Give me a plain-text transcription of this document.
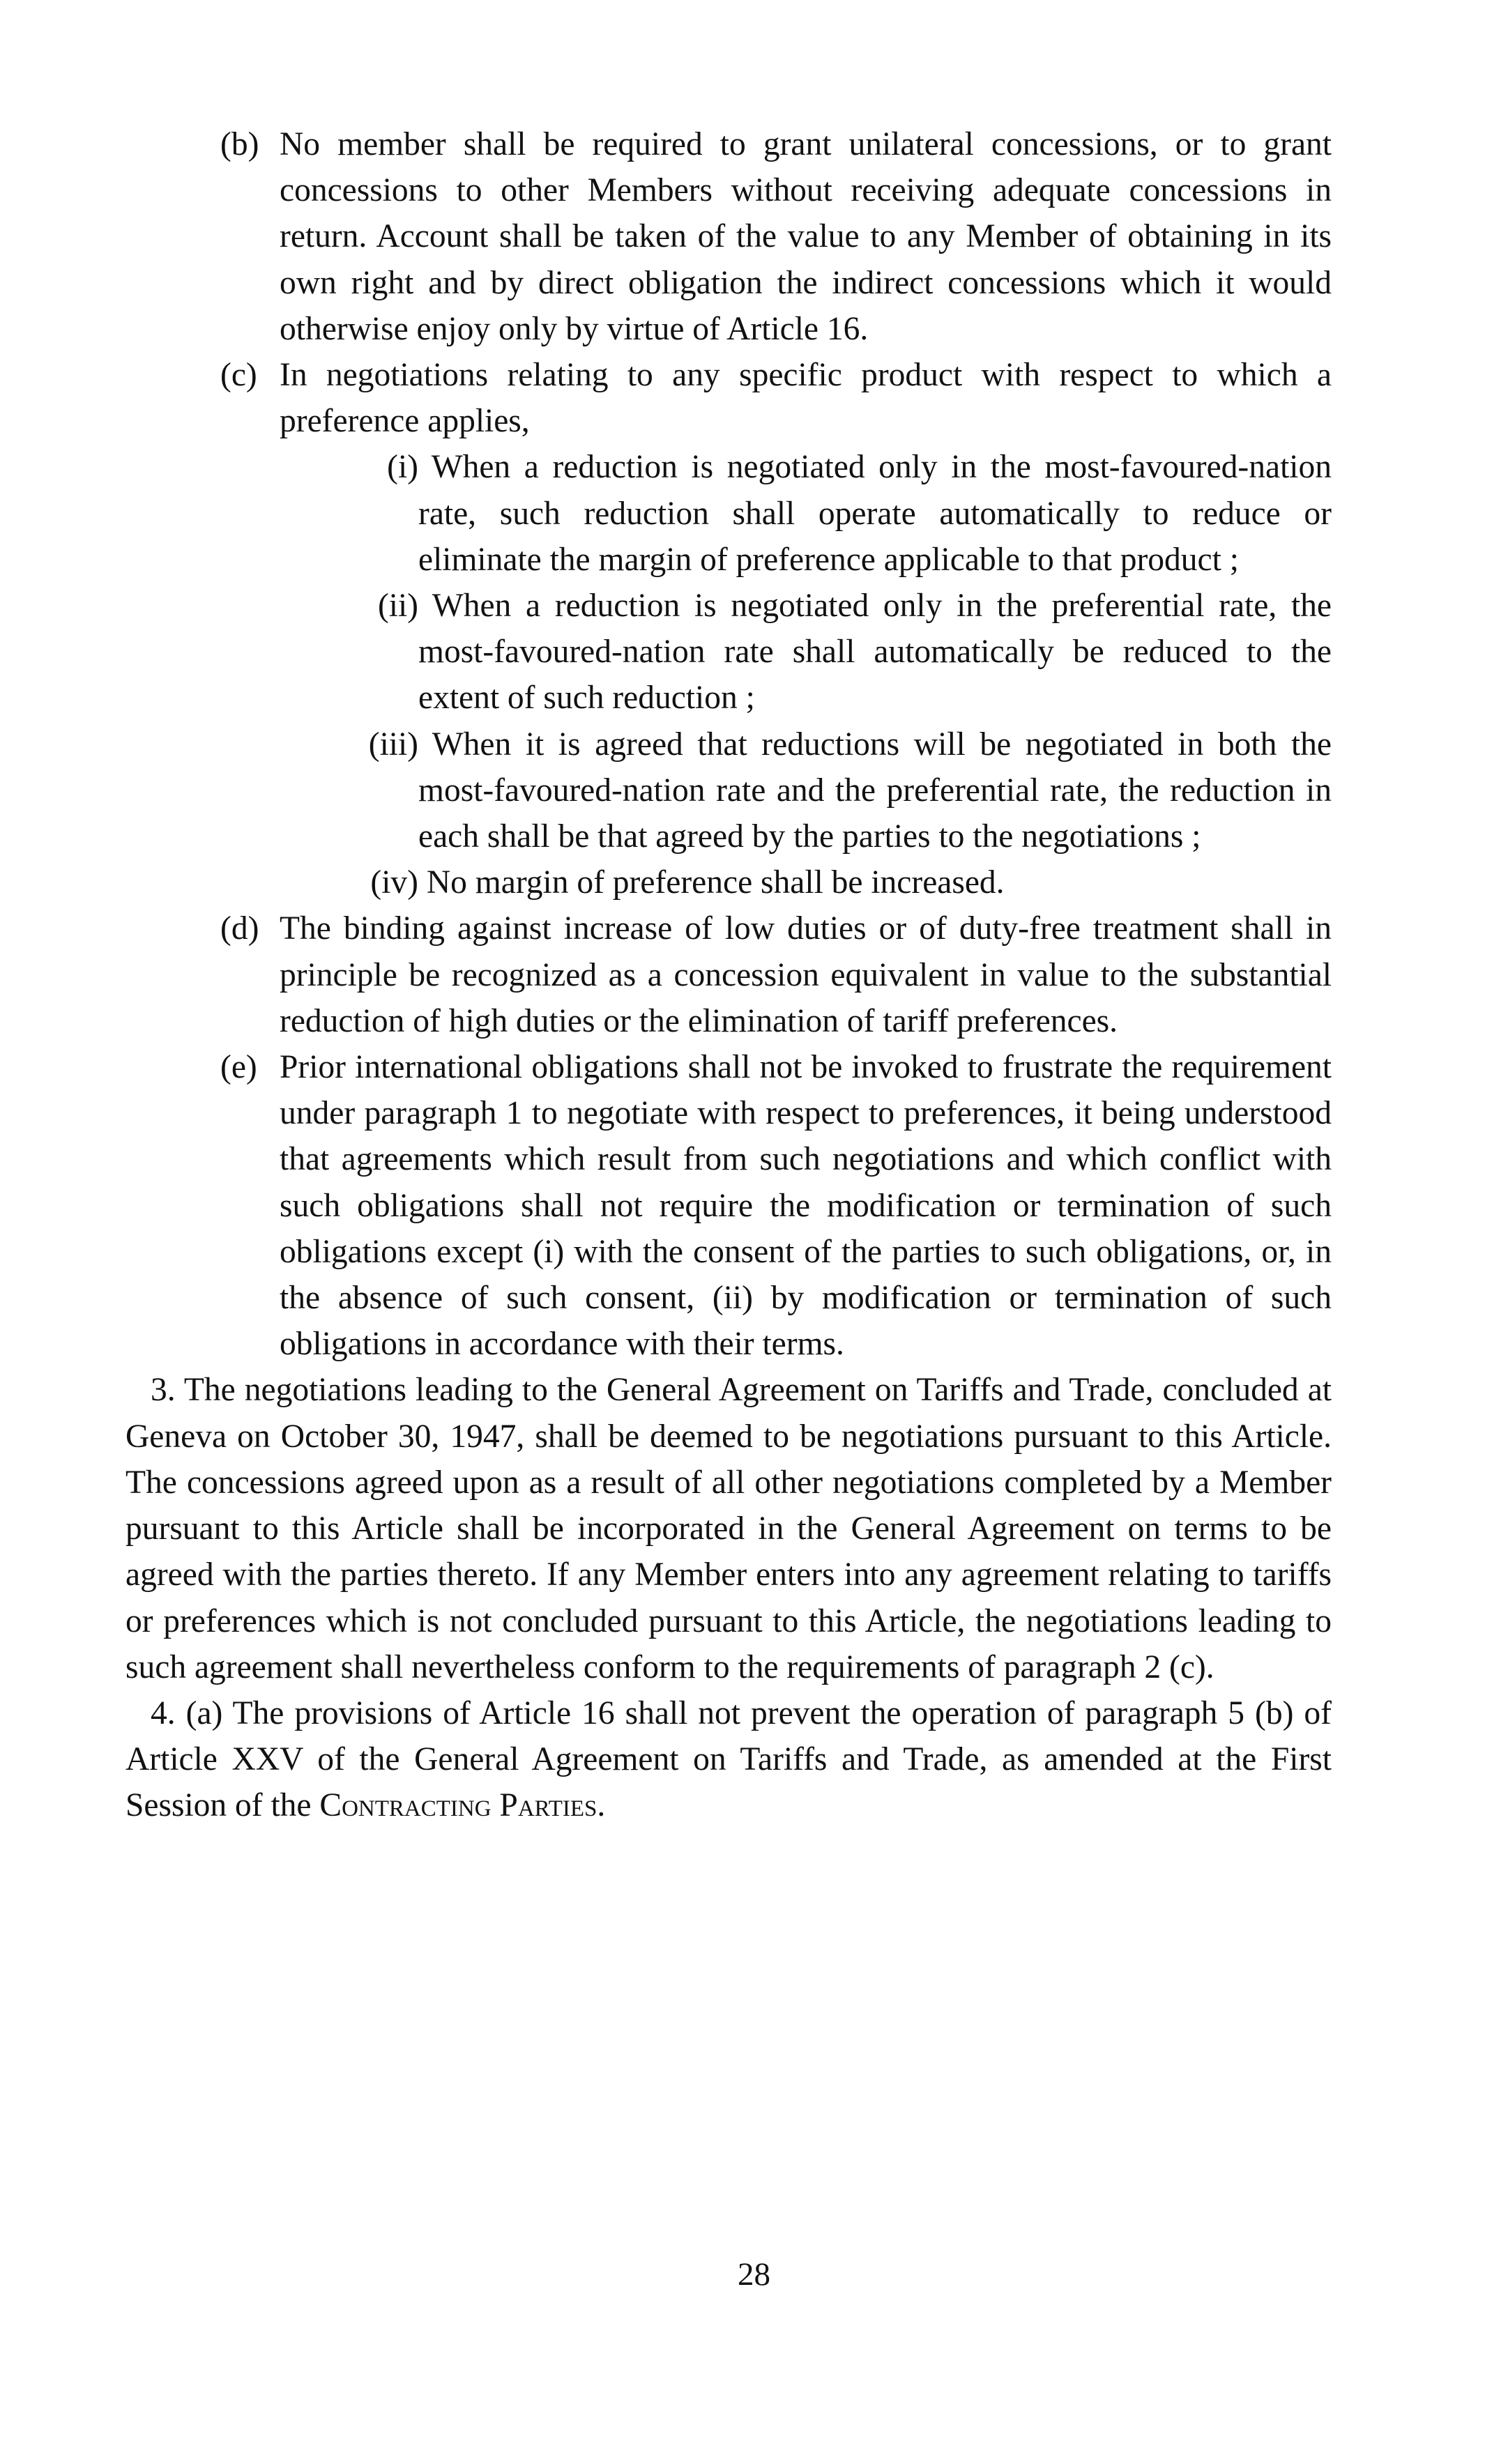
(b) No member shall be required to grant unilateral concessions, or to grant concessions to other Members without receiving adequate concessions in return. Account shall be taken of the value to any Member of obtaining in its own right and by direct obligation the indirect concessions which it would otherwise enjoy only by virtue of Article 16.

(c) In negotiations relating to any specific product with respect to which a preference applies,

(i) When a reduction is negotiated only in the most-favoured-nation rate, such reduction shall operate automatically to reduce or eliminate the margin of preference applicable to that product ;

(ii) When a reduction is negotiated only in the preferential rate, the most-favoured-nation rate shall automatically be reduced to the extent of such reduction ;

(iii) When it is agreed that reductions will be negotiated in both the most-favoured-nation rate and the preferential rate, the reduction in each shall be that agreed by the parties to the negotiations ;

(iv) No margin of preference shall be increased.

(d) The binding against increase of low duties or of duty-free treatment shall in principle be recognized as a concession equivalent in value to the substantial reduction of high duties or the elimination of tariff preferences.

(e) Prior international obligations shall not be invoked to frustrate the requirement under paragraph 1 to negotiate with respect to preferences, it being understood that agreements which result from such negotiations and which conflict with such obligations shall not require the modification or termination of such obligations except (i) with the consent of the parties to such obligations, or, in the absence of such consent, (ii) by modification or termination of such obligations in accordance with their terms.

3. The negotiations leading to the General Agreement on Tariffs and Trade, concluded at Geneva on October 30, 1947, shall be deemed to be negotiations pursuant to this Article. The concessions agreed upon as a result of all other negotiations completed by a Member pursuant to this Article shall be incorporated in the General Agreement on terms to be agreed with the parties thereto. If any Member enters into any agreement relating to tariffs or preferences which is not concluded pursuant to this Article, the negotiations leading to such agreement shall nevertheless conform to the requirements of paragraph 2 (c).

4. (a) The provisions of Article 16 shall not prevent the operation of paragraph 5 (b) of Article XXV of the General Agreement on Tariffs and Trade, as amended at the First Session of the Contracting Parties.

28
